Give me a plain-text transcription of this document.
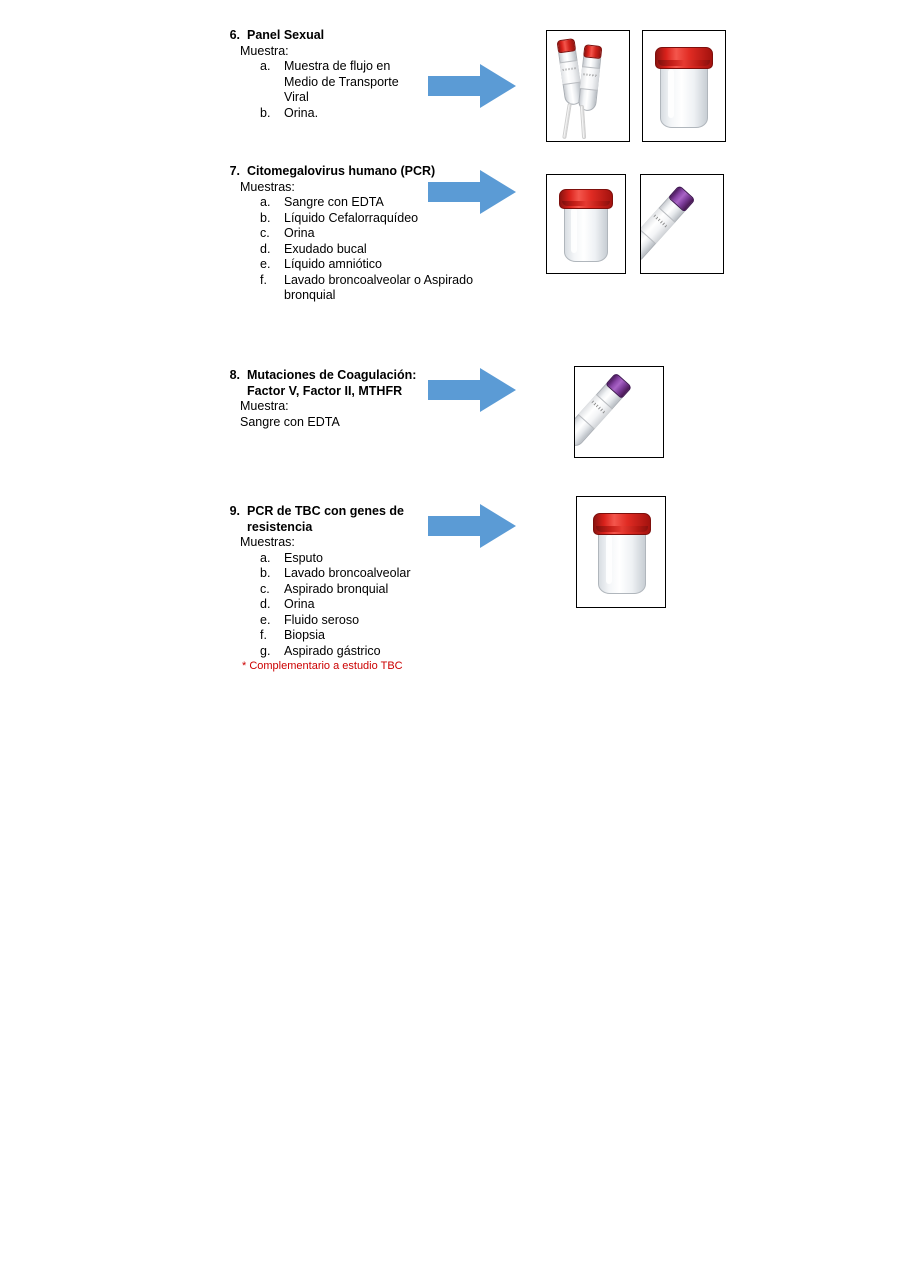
6. Panel Sexual
Muestra:
a. Muestra de flujo en Medio de Transporte Viral
b. Orina.
7. Citomegalovirus humano (PCR)
Muestras:
a. Sangre con EDTA
b. Líquido Cefalorraquídeo
c.	Orina
d. Exudado bucal
e. Líquido amniótico
f.	Lavado broncoalveolar o Aspirado bronquial
8. Mutaciones de Coagulación: Factor V, Factor II, MTHFR
Muestra:
Sangre con EDTA
9. PCR de TBC con genes de resistencia
Muestras:
a. Esputo
b. Lavado broncoalveolar
c.	Aspirado bronquial
d. Orina
e. Fluido seroso
f.	Biopsia
g. Aspirado gástrico
* Complementario a estudio TBC
